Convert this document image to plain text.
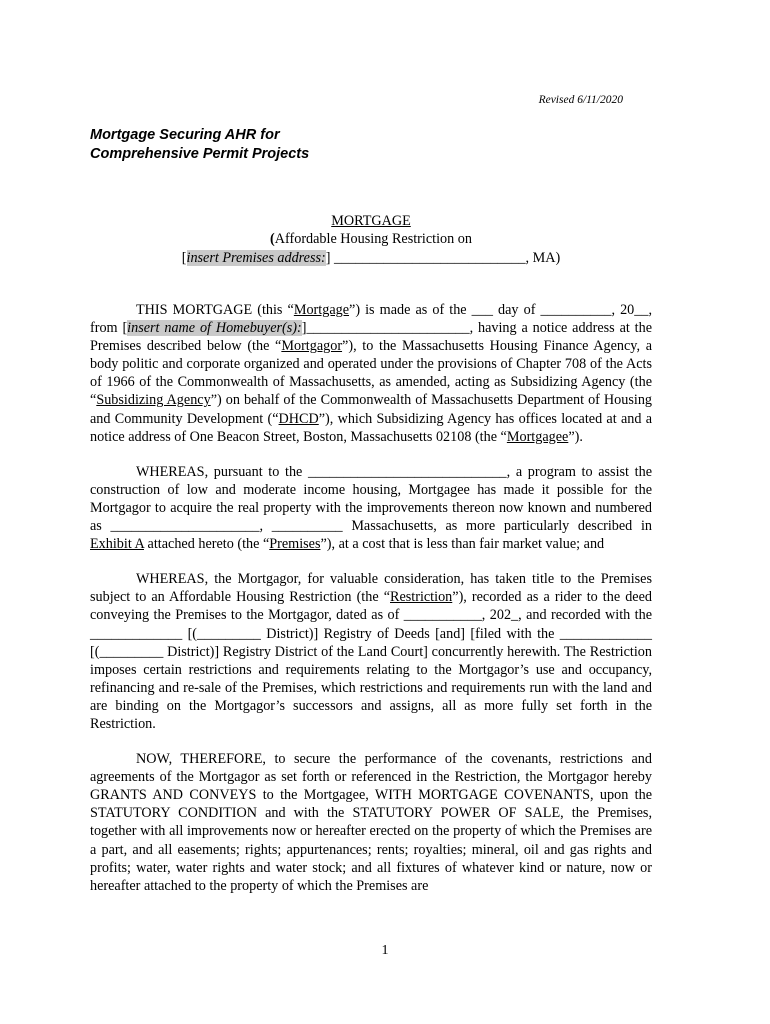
Revised 6/11/2020
Mortgage Securing AHR for
Comprehensive Permit Projects
MORTGAGE
(Affordable Housing Restriction on
[insert Premises address:] ___________________________, MA)

THIS MORTGAGE (this “Mortgage”) is made as of the ___ day of __________, 20__, from [insert name of Homebuyer(s):]_______________________, having a notice address at the Premises described below (the “Mortgagor”), to the Massachusetts Housing Finance Agency, a body politic and corporate organized and operated under the provisions of Chapter 708 of the Acts of 1966 of the Commonwealth of Massachusetts, as amended, acting as Subsidizing Agency (the “Subsidizing Agency”) on behalf of the Commonwealth of Massachusetts Department of Housing and Community Development (“DHCD”), which Subsidizing Agency has offices located at and a notice address of One Beacon Street, Boston, Massachusetts 02108 (the “Mortgagee”).

WHEREAS, pursuant to the ____________________________, a program to assist the construction of low and moderate income housing, Mortgagee has made it possible for the Mortgagor to acquire the real property with the improvements thereon now known and numbered as _____________________, __________ Massachusetts, as more particularly described in Exhibit A attached hereto (the “Premises”), at a cost that is less than fair market value; and

WHEREAS, the Mortgagor, for valuable consideration, has taken title to the Premises subject to an Affordable Housing Restriction (the “Restriction”), recorded as a rider to the deed conveying the Premises to the Mortgagor, dated as of ___________, 202_, and recorded with the _____________ [(_________ District)] Registry of Deeds [and] [filed with the _____________ [(_________ District)] Registry District of the Land Court] concurrently herewith. The Restriction imposes certain restrictions and requirements relating to the Mortgagor’s use and occupancy, refinancing and re-sale of the Premises, which restrictions and requirements run with the land and are binding on the Mortgagor’s successors and assigns, all as more fully set forth in the Restriction.

NOW, THEREFORE, to secure the performance of the covenants, restrictions and agreements of the Mortgagor as set forth or referenced in the Restriction, the Mortgagor hereby GRANTS AND CONVEYS to the Mortgagee, WITH MORTGAGE COVENANTS, upon the STATUTORY CONDITION and with the STATUTORY POWER OF SALE, the Premises, together with all improvements now or hereafter erected on the property of which the Premises are a part, and all easements; rights; appurtenances; rents; royalties; mineral, oil and gas rights and profits; water, water rights and water stock; and all fixtures of whatever kind or nature, now or hereafter attached to the property of which the Premises are

1
